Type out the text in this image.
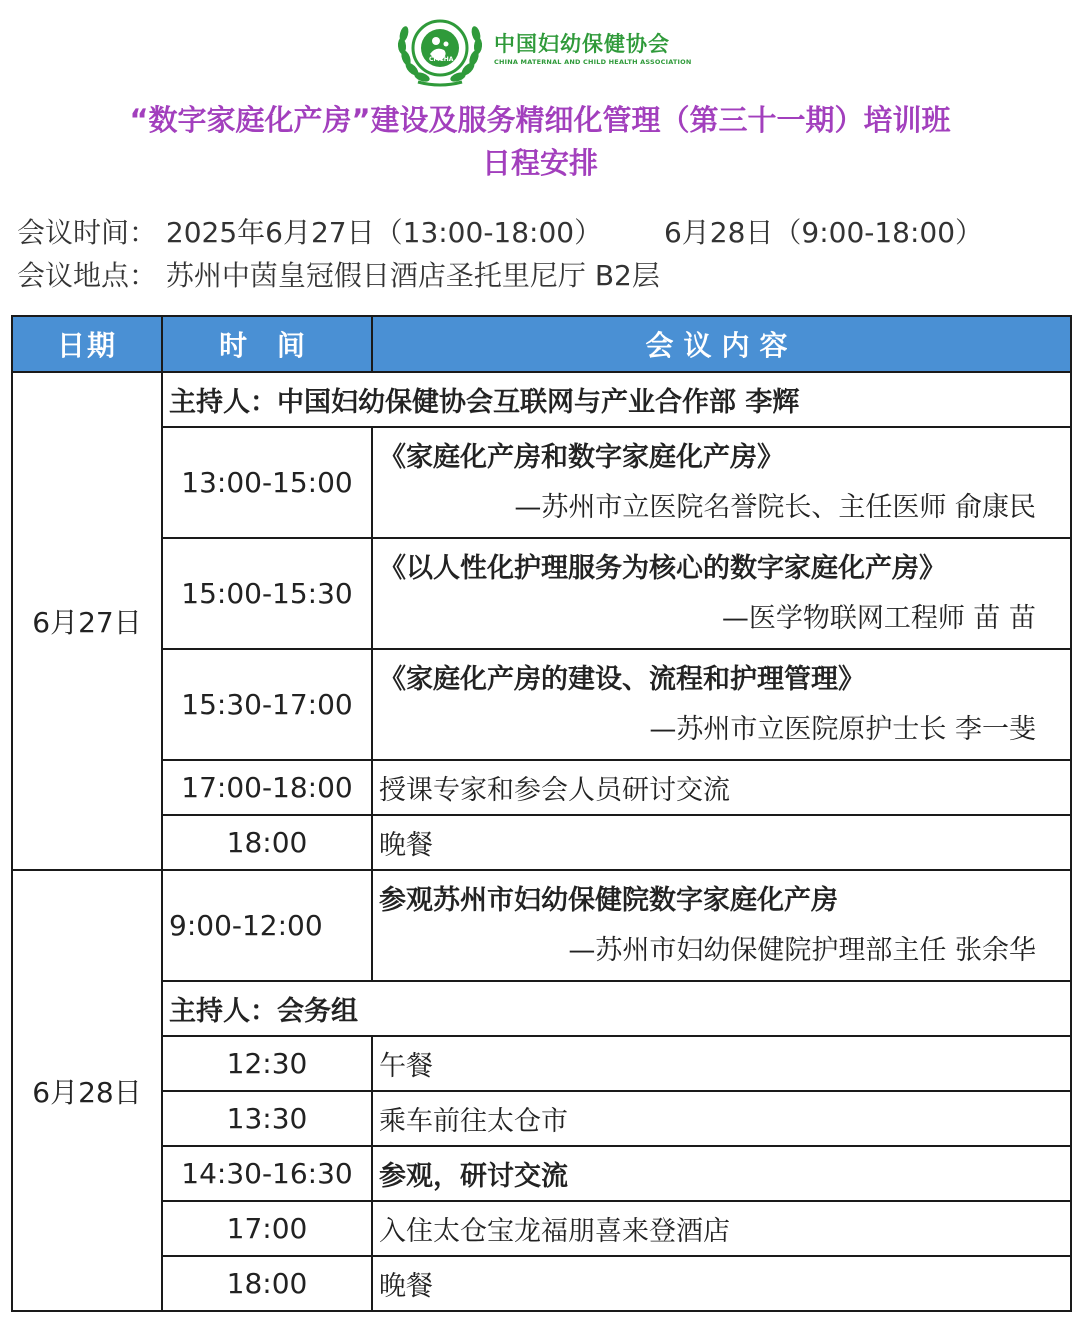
CMCHA
中国妇幼保健协会
CHINA MATERNAL AND CHILD HEALTH ASSOCIATION
“数字家庭化产房”建设及服务精细化管理（第三十一期）培训班
日程安排
会议时间： 2025年6月27日（13:00-18:00） 6月28日（9:00-18:00）
会议地点： 苏州中茵皇冠假日酒店圣托里尼厅 B2层
日期	时 间	会议内容
6月27日	主持人：中国妇幼保健协会互联网与产业合作部 李辉	
	13:00-15:00	《家庭化产房和数字家庭化产房》
—苏州市立医院名誉院长、主任医师 俞康民

	15:00-15:30	《以人性化护理服务为核心的数字家庭化产房》
—医学物联网工程师 苗 苗

	15:30-17:00	《家庭化产房的建设、流程和护理管理》
—苏州市立医院原护士长 李一斐

	17:00-18:00	授课专家和参会人员研讨交流
	18:00	晚餐
6月28日	9:00-12:00	参观苏州市妇幼保健院数字家庭化产房
—苏州市妇幼保健院护理部主任 张余华

	主持人：会务组	
	12:30	午餐
	13:30	乘车前往太仓市
	14:30-16:30	参观，研讨交流
	17:00	入住太仓宝龙福朋喜来登酒店
	18:00	晚餐
